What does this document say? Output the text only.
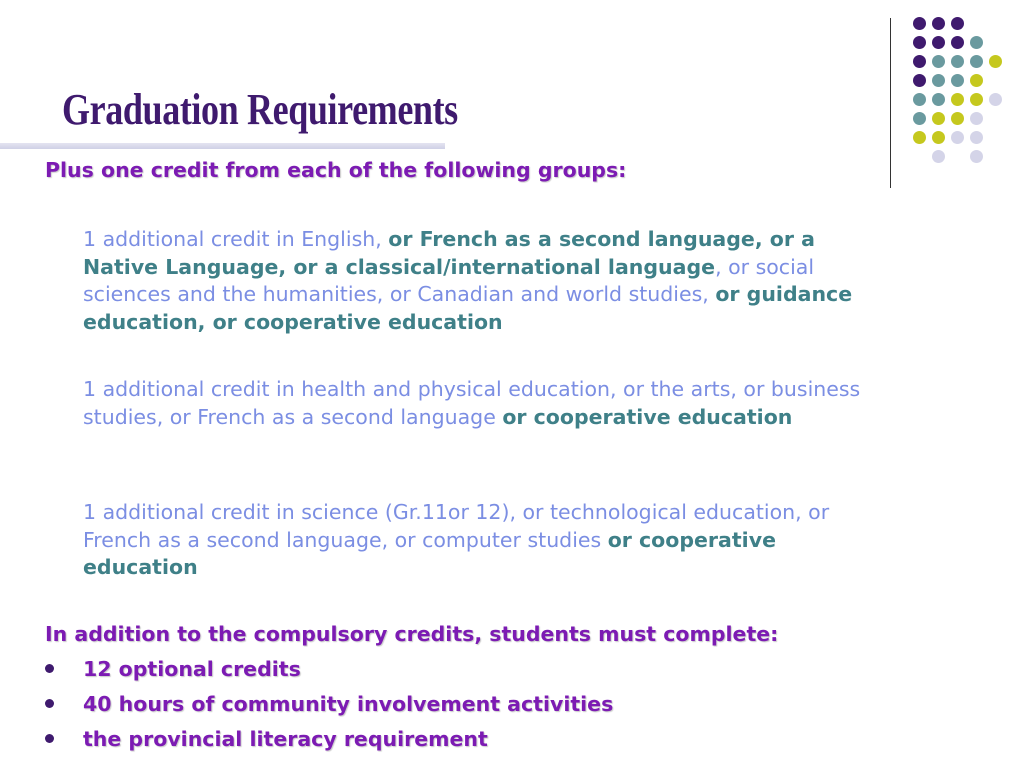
Graduation Requirements
Plus one credit from each of the following groups:
1 additional credit in English, or French as a second language, or a Native Language, or a classical/international language, or social sciences and the humanities, or Canadian and world studies, or guidance education, or cooperative education
1 additional credit in health and physical education, or the arts, or business studies, or French as a second language or cooperative education
1 additional credit in science (Gr.11or 12), or technological education, or French as a second language, or computer studies or cooperative education
In addition to the compulsory credits, students must complete:
12 optional credits
40 hours of community involvement activities
the provincial literacy requirement
